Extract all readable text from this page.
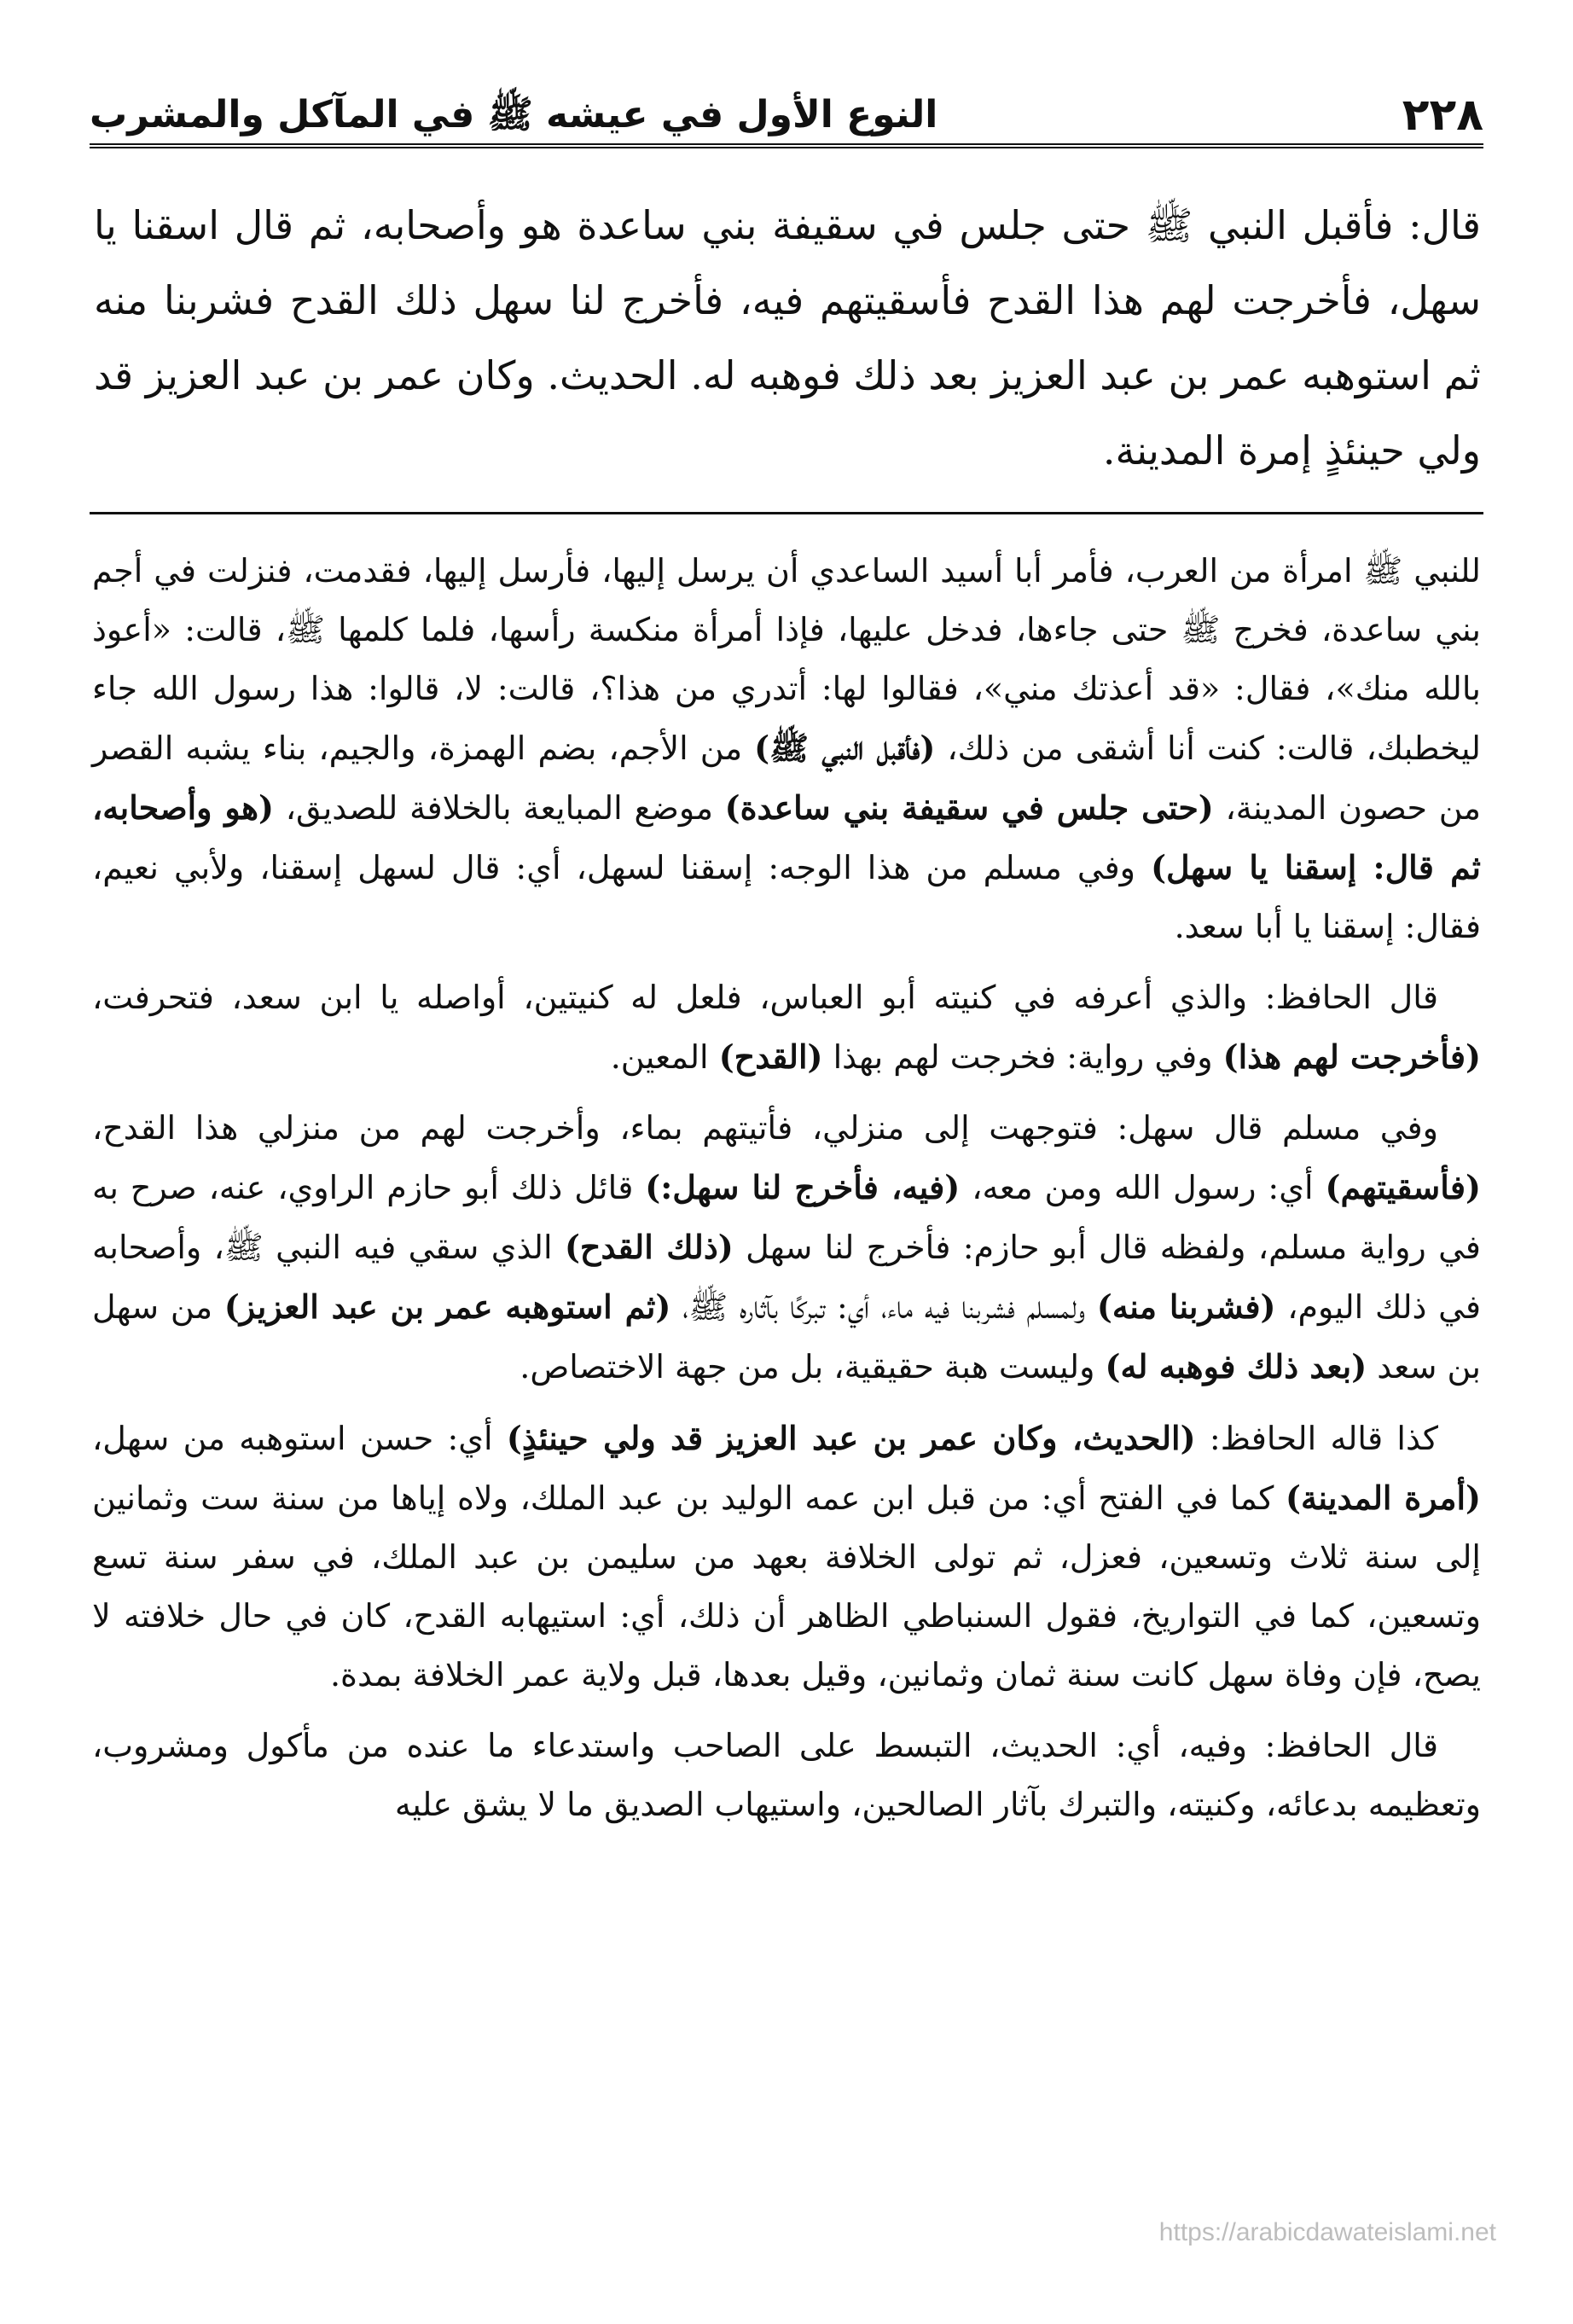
٢٢٨
النوع الأول في عيشه ﷺ في المآكل والمشرب

قال: فأقبل النبي ﷺ حتى جلس في سقيفة بني ساعدة هو وأصحابه، ثم قال اسقنا يا سهل، فأخرجت لهم هذا القدح فأسقيتهم فيه، فأخرج لنا سهل ذلك القدح فشربنا منه ثم استوهبه عمر بن عبد العزيز بعد ذلك فوهبه له. الحديث. وكان عمر بن عبد العزيز قد ولي حينئذٍ إمرة المدينة.

للنبي ﷺ امرأة من العرب، فأمر أبا أسيد الساعدي أن يرسل إليها، فأرسل إليها، فقدمت، فنزلت في أجم بني ساعدة، فخرج ﷺ حتى جاءها، فدخل عليها، فإذا أمرأة منكسة رأسها، فلما كلمها ﷺ، قالت: «أعوذ بالله منك»، فقال: «قد أعذتك مني»، فقالوا لها: أتدري من هذا؟، قالت: لا، قالوا: هذا رسول الله جاء ليخطبك، قالت: كنت أنا أشقى من ذلك، (فأقبل النبي ﷺ) من الأجم، بضم الهمزة، والجيم، بناء يشبه القصر من حصون المدينة، (حتى جلس في سقيفة بني ساعدة) موضع المبايعة بالخلافة للصديق، (هو وأصحابه، ثم قال: إسقنا يا سهل) وفي مسلم من هذا الوجه: إسقنا لسهل، أي: قال لسهل إسقنا، ولأبي نعيم، فقال: إسقنا يا أبا سعد.

قال الحافظ: والذي أعرفه في كنيته أبو العباس، فلعل له كنيتين، أواصله يا ابن سعد، فتحرفت، (فأخرجت لهم هذا) وفي رواية: فخرجت لهم بهذا (القدح) المعين.

وفي مسلم قال سهل: فتوجهت إلى منزلي، فأتيتهم بماء، وأخرجت لهم من منزلي هذا القدح، (فأسقيتهم) أي: رسول الله ومن معه، (فيه، فأخرج لنا سهل:) قائل ذلك أبو حازم الراوي، عنه، صرح به في رواية مسلم، ولفظه قال أبو حازم: فأخرج لنا سهل (ذلك القدح) الذي سقي فيه النبي ﷺ، وأصحابه في ذلك اليوم، (فشربنا منه) ولمسلم فشربنا فيه ماء، أي: تبركًا بآثاره ﷺ، (ثم استوهبه عمر بن عبد العزيز) من سهل بن سعد (بعد ذلك فوهبه له) وليست هبة حقيقية، بل من جهة الاختصاص.

كذا قاله الحافظ: (الحديث، وكان عمر بن عبد العزيز قد ولي حينئذٍ) أي: حسن استوهبه من سهل، (أمرة المدينة) كما في الفتح أي: من قبل ابن عمه الوليد بن عبد الملك، ولاه إياها من سنة ست وثمانين إلى سنة ثلاث وتسعين، فعزل، ثم تولى الخلافة بعهد من سليمن بن عبد الملك، في سفر سنة تسع وتسعين، كما في التواريخ، فقول السنباطي الظاهر أن ذلك، أي: استيهابه القدح، كان في حال خلافته لا يصح، فإن وفاة سهل كانت سنة ثمان وثمانين، وقيل بعدها، قبل ولاية عمر الخلافة بمدة.

قال الحافظ: وفيه، أي: الحديث، التبسط على الصاحب واستدعاء ما عنده من مأكول ومشروب، وتعظيمه بدعائه، وكنيته، والتبرك بآثار الصالحين، واستيهاب الصديق ما لا يشق عليه

https://arabicdawateislami.net
